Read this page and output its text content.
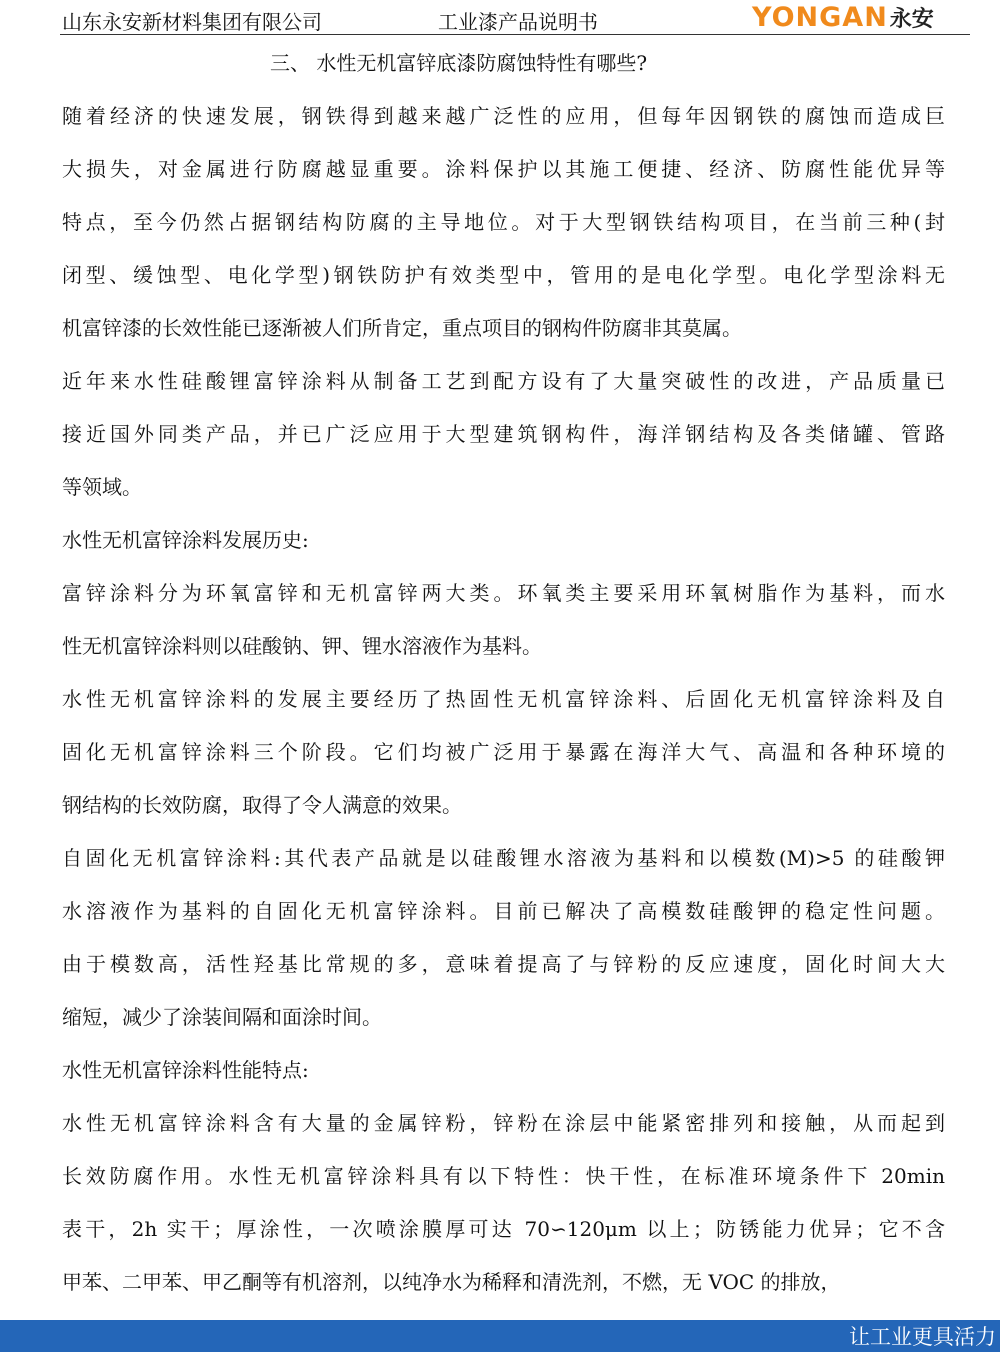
山东永安新材料集团有限公司	工业漆产品说明书	YONGAN 永安
三、 水性无机富锌底漆防腐蚀特性有哪些?
随着经济的快速发展，钢铁得到越来越广泛性的应用，但每年因钢铁的腐蚀而造成巨
大损失，对金属进行防腐越显重要。涂料保护以其施工便捷、经济、防腐性能优异等
特点，至今仍然占据钢结构防腐的主导地位。对于大型钢铁结构项目，在当前三种(封
闭型、缓蚀型、电化学型)钢铁防护有效类型中，管用的是电化学型。电化学型涂料无
机富锌漆的长效性能已逐渐被人们所肯定，重点项目的钢构件防腐非其莫属。
近年来水性硅酸锂富锌涂料从制备工艺到配方设有了大量突破性的改进，产品质量已
接近国外同类产品，并已广泛应用于大型建筑钢构件，海洋钢结构及各类储罐、管路
等领域。
水性无机富锌涂料发展历史:
富锌涂料分为环氧富锌和无机富锌两大类。环氧类主要采用环氧树脂作为基料，而水
性无机富锌涂料则以硅酸钠、钾、锂水溶液作为基料。
水性无机富锌涂料的发展主要经历了热固性无机富锌涂料、后固化无机富锌涂料及自
固化无机富锌涂料三个阶段。它们均被广泛用于暴露在海洋大气、高温和各种环境的
钢结构的长效防腐，取得了令人满意的效果。
自固化无机富锌涂料:其代表产品就是以硅酸锂水溶液为基料和以模数(M)>5 的硅酸钾
水溶液作为基料的自固化无机富锌涂料。目前已解决了高模数硅酸钾的稳定性问题。
由于模数高，活性羟基比常规的多，意味着提高了与锌粉的反应速度，固化时间大大
缩短，减少了涂装间隔和面涂时间。
水性无机富锌涂料性能特点:
水性无机富锌涂料含有大量的金属锌粉，锌粉在涂层中能紧密排列和接触，从而起到
长效防腐作用。水性无机富锌涂料具有以下特性：快干性，在标准环境条件下 20min
表干，2h 实干；厚涂性，一次喷涂膜厚可达 70∽120μm 以上；防锈能力优异；它不含
甲苯、二甲苯、甲乙酮等有机溶剂，以纯净水为稀释和清洗剂，不燃，无 VOC 的排放，
让工业更具活力
